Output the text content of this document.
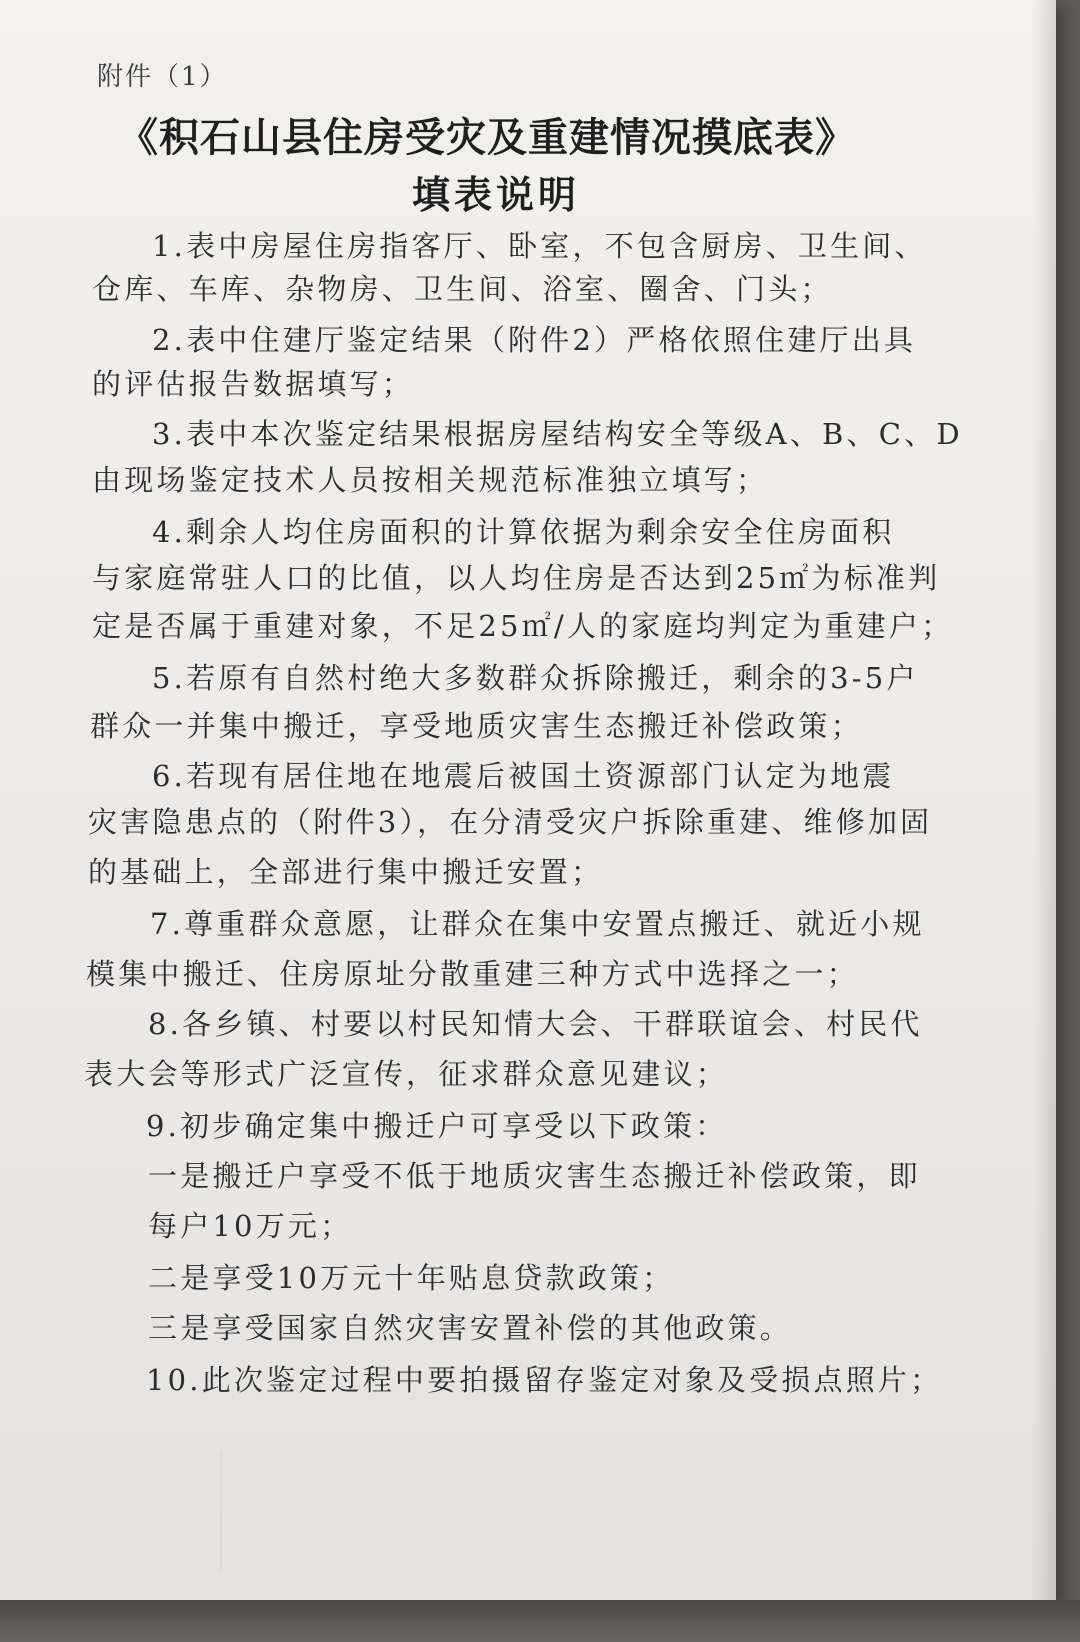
附件（1）
《积石山县住房受灾及重建情况摸底表》
填表说明
1.表中房屋住房指客厅、卧室，不包含厨房、卫生间、
仓库、车库、杂物房、卫生间、浴室、圈舍、门头；
2.表中住建厅鉴定结果（附件2）严格依照住建厅出具
的评估报告数据填写；
3.表中本次鉴定结果根据房屋结构安全等级A、B、C、D
由现场鉴定技术人员按相关规范标准独立填写；
4.剩余人均住房面积的计算依据为剩余安全住房面积
与家庭常驻人口的比值，以人均住房是否达到25㎡为标准判
定是否属于重建对象，不足25㎡/人的家庭均判定为重建户；
5.若原有自然村绝大多数群众拆除搬迁，剩余的3-5户
群众一并集中搬迁，享受地质灾害生态搬迁补偿政策；
6.若现有居住地在地震后被国土资源部门认定为地震
灾害隐患点的（附件3），在分清受灾户拆除重建、维修加固
的基础上，全部进行集中搬迁安置；
7.尊重群众意愿，让群众在集中安置点搬迁、就近小规
模集中搬迁、住房原址分散重建三种方式中选择之一；
8.各乡镇、村要以村民知情大会、干群联谊会、村民代
表大会等形式广泛宣传，征求群众意见建议；
9.初步确定集中搬迁户可享受以下政策：
一是搬迁户享受不低于地质灾害生态搬迁补偿政策，即
每户10万元；
二是享受10万元十年贴息贷款政策；
三是享受国家自然灾害安置补偿的其他政策。
10.此次鉴定过程中要拍摄留存鉴定对象及受损点照片；
